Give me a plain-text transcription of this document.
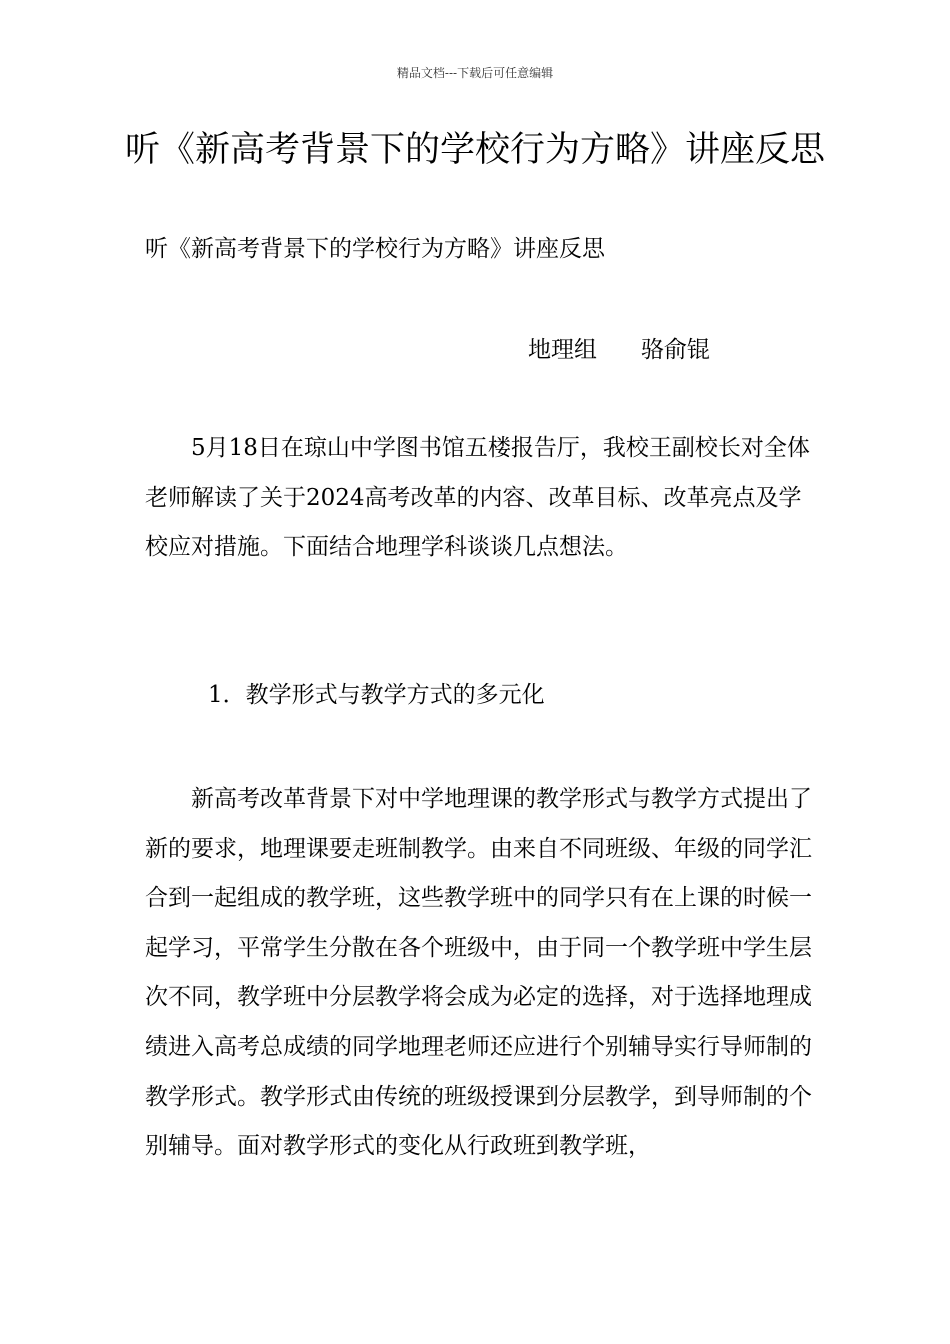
精品文档---下载后可任意编辑
听《新高考背景下的学校行为方略》讲座反思

听《新高考背景下的学校行为方略》讲座反思

地理组 骆俞锟

5月18日在琼山中学图书馆五楼报告厅，我校王副校长对全体老师解读了关于2024高考改革的内容、改革目标、改革亮点及学校应对措施。下面结合地理学科谈谈几点想法。

1．教学形式与教学方式的多元化

新高考改革背景下对中学地理课的教学形式与教学方式提出了新的要求，地理课要走班制教学。由来自不同班级、年级的同学汇合到一起组成的教学班，这些教学班中的同学只有在上课的时候一起学习，平常学生分散在各个班级中，由于同一个教学班中学生层次不同，教学班中分层教学将会成为必定的选择，对于选择地理成绩进入高考总成绩的同学地理老师还应进行个别辅导实行导师制的教学形式。教学形式由传统的班级授课到分层教学，到导师制的个别辅导。面对教学形式的变化从行政班到教学班，
